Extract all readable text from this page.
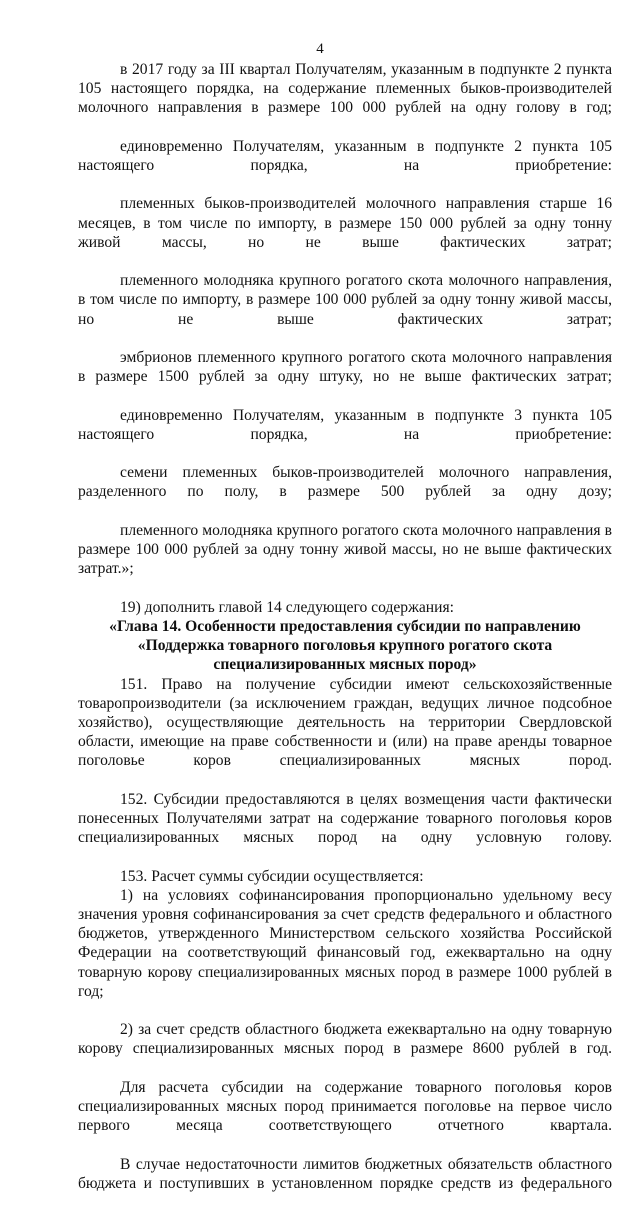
4

в 2017 году за III квартал Получателям, указанным в подпункте 2 пункта 105 настоящего порядка, на содержание племенных быков-производителей молочного направления в размере 100 000 рублей на одну голову в год;

единовременно Получателям, указанным в подпункте 2 пункта 105 настоящего порядка, на приобретение:

племенных быков-производителей молочного направления старше 16 месяцев, в том числе по импорту, в размере 150 000 рублей за одну тонну живой массы, но не выше фактических затрат;

племенного молодняка крупного рогатого скота молочного направления, в том числе по импорту, в размере 100 000 рублей за одну тонну живой массы, но не выше фактических затрат;

эмбрионов племенного крупного рогатого скота молочного направления в размере 1500 рублей за одну штуку, но не выше фактических затрат;

единовременно Получателям, указанным в подпункте 3 пункта 105 настоящего порядка, на приобретение:

семени племенных быков-производителей молочного направления, разделенного по полу, в размере 500 рублей за одну дозу;

племенного молодняка крупного рогатого скота молочного направления в размере 100 000 рублей за одну тонну живой массы, но не выше фактических затрат.»;

19) дополнить главой 14 следующего содержания:

«Глава 14. Особенности предоставления субсидии по направлению «Поддержка товарного поголовья крупного рогатого скота специализированных мясных пород»

151. Право на получение субсидии имеют сельскохозяйственные товаропроизводители (за исключением граждан, ведущих личное подсобное хозяйство), осуществляющие деятельность на территории Свердловской области, имеющие на праве собственности и (или) на праве аренды товарное поголовье коров специализированных мясных пород.

152. Субсидии предоставляются в целях возмещения части фактически понесенных Получателями затрат на содержание товарного поголовья коров специализированных мясных пород на одну условную голову.

153. Расчет суммы субсидии осуществляется:

1) на условиях софинансирования пропорционально удельному весу значения уровня софинансирования за счет средств федерального и областного бюджетов, утвержденного Министерством сельского хозяйства Российской Федерации на соответствующий финансовый год, ежеквартально на одну товарную корову специализированных мясных пород в размере 1000 рублей в год;

2) за счет средств областного бюджета ежеквартально на одну товарную корову специализированных мясных пород в размере 8600 рублей в год.

Для расчета субсидии на содержание товарного поголовья коров специализированных мясных пород принимается поголовье на первое число первого месяца соответствующего отчетного квартала.

В случае недостаточности лимитов бюджетных обязательств областного бюджета и поступивших в установленном порядке средств из федерального
